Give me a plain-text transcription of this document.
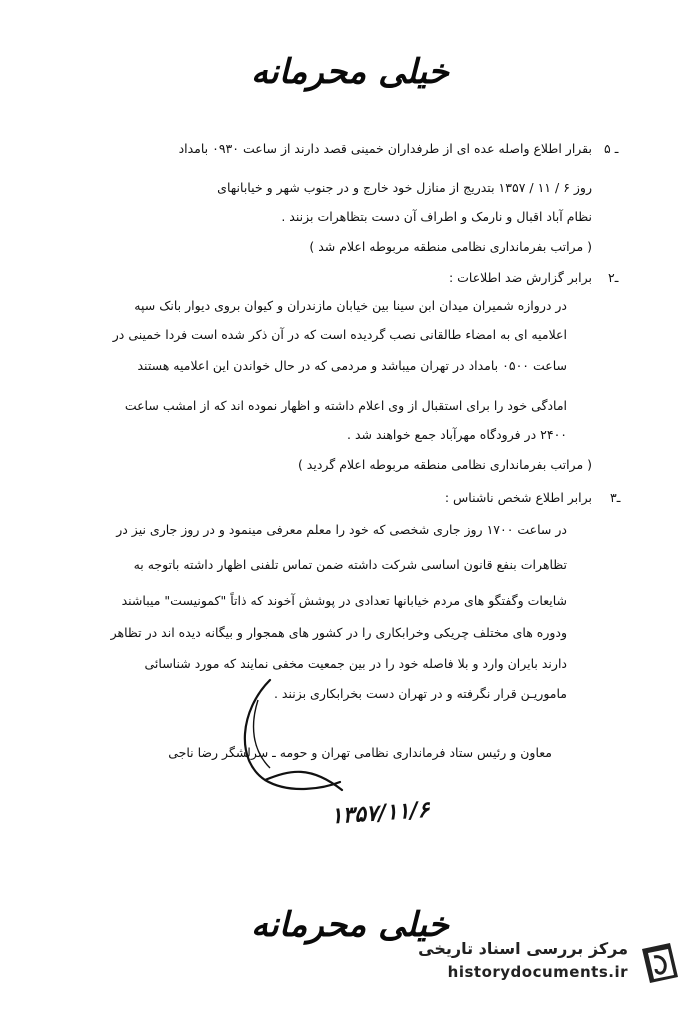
خیلی محرمانه
۵ ـ
بقرار اطلاع واصله عده ای از طرفداران خمینی قصد دارند از ساعت ۰۹۳۰ بامداد
روز ۶ / ۱۱ / ۱۳۵۷ بتدریج از منازل خود خارج و در جنوب شهر و خیابانهای
نظام آباد اقبال و نارمک و اطراف آن دست بتظاهرات بزنند .
( مراتب بفرمانداری نظامی منطقه مربوطه اعلام شد )
۲ـ
برابر گزارش ضد اطلاعات :
در دروازه شمیران میدان ابن سینا بین خیابان مازندران و کیوان بروی دیوار بانک سپه
اعلامیه ای به امضاء طالقانی نصب گردیده است که در آن ذکر شده است فردا خمینی در
ساعت ۰۵۰۰ بامداد در تهران میباشد و مردمی که در حال خواندن این اعلامیه هستند
امادگی خود را برای استقبال از وی اعلام داشته و اظهار نموده اند که از امشب ساعت
۲۴۰۰ در فرودگاه مهرآباد جمع خواهند شد .
( مراتب بفرمانداری نظامی منطقه مربوطه اعلام گردید )
۳ـ
برابر اطلاع شخص ناشناس :
در ساعت ۱۷۰۰ روز جاری شخصی که خود را معلم معرفی مینمود و در روز جاری نیز در
تظاهرات بنفع قانون اساسی شرکت داشته ضمن تماس تلفنی اظهار داشته باتوجه به
شایعات وگفتگو های مردم خیابانها تعدادی در پوشش آخوند که ذاتاً "کمونیست" میباشند
ودوره های مختلف چریکی وخرابکاری را در کشور های همجوار و بیگانه دیده اند در تظاهر
دارند بایران وارد و بلا فاصله خود را در بین جمعیت مخفی نمایند که مورد شناسائی
ماموریـن قرار نگرفته و در تهران دست بخرابکاری بزنند .
معاون و رئیس ستاد فرمانداری نظامی تهران و حومه ـ سرلشگر رضا ناجی
۱۳۵۷/۱۱/۶
خیلی محرمانه
مرکز بررسی اسناد تاریخی
historydocuments.ir
